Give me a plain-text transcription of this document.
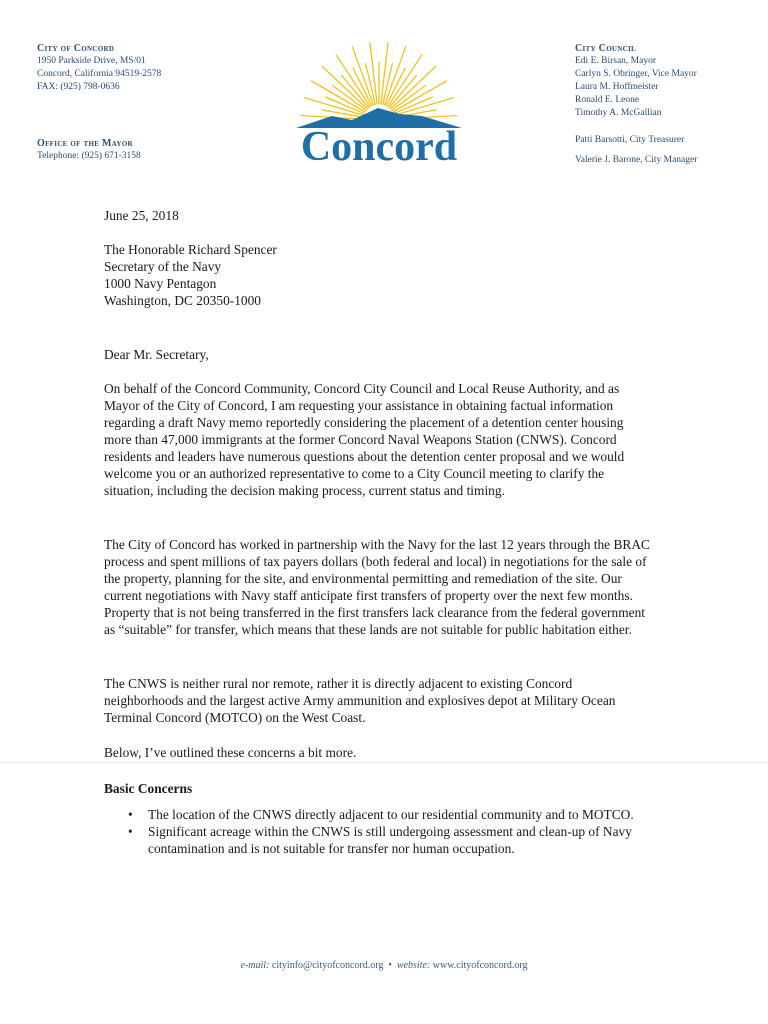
City of Concord
1950 Parkside Drive, MS/01
Concord, California 94519-2578
FAX: (925) 798-0636
Office of the Mayor
Telephone: (925) 671-3158	Concord
City Council
Edi E. Birsan, Mayor
Carlyn S. Obringer, Vice Mayor
Laura M. Hoffmeister
Ronald E. Leone
Timothy A. McGallian
Patti Barsotti, City Treasurer
Valerie J. Barone, City Manager
June 25, 2018
The Honorable Richard Spencer
Secretary of the Navy
1000 Navy Pentagon
Washington, DC 20350-1000
Dear Mr. Secretary,
On behalf of the Concord Community, Concord City Council and Local Reuse Authority, and as Mayor of the City of Concord, I am requesting your assistance in obtaining factual information regarding a draft Navy memo reportedly considering the placement of a detention center housing more than 47,000 immigrants at the former Concord Naval Weapons Station (CNWS). Concord residents and leaders have numerous questions about the detention center proposal and we would welcome you or an authorized representative to come to a City Council meeting to clarify the situation, including the decision making process, current status and timing.
The City of Concord has worked in partnership with the Navy for the last 12 years through the BRAC process and spent millions of tax payers dollars (both federal and local) in negotiations for the sale of the property, planning for the site, and environmental permitting and remediation of the site. Our current negotiations with Navy staff anticipate first transfers of property over the next few months. Property that is not being transferred in the first transfers lack clearance from the federal government as “suitable” for transfer, which means that these lands are not suitable for public habitation either.
The CNWS is neither rural nor remote, rather it is directly adjacent to existing Concord neighborhoods and the largest active Army ammunition and explosives depot at Military Ocean Terminal Concord (MOTCO) on the West Coast.
Below, I’ve outlined these concerns a bit more.
Basic Concerns
• The location of the CNWS directly adjacent to our residential community and to MOTCO.
• Significant acreage within the CNWS is still undergoing assessment and clean-up of Navy contamination and is not suitable for transfer nor human occupation.
e-mail: cityinfo@cityofconcord.org • website: www.cityofconcord.org
